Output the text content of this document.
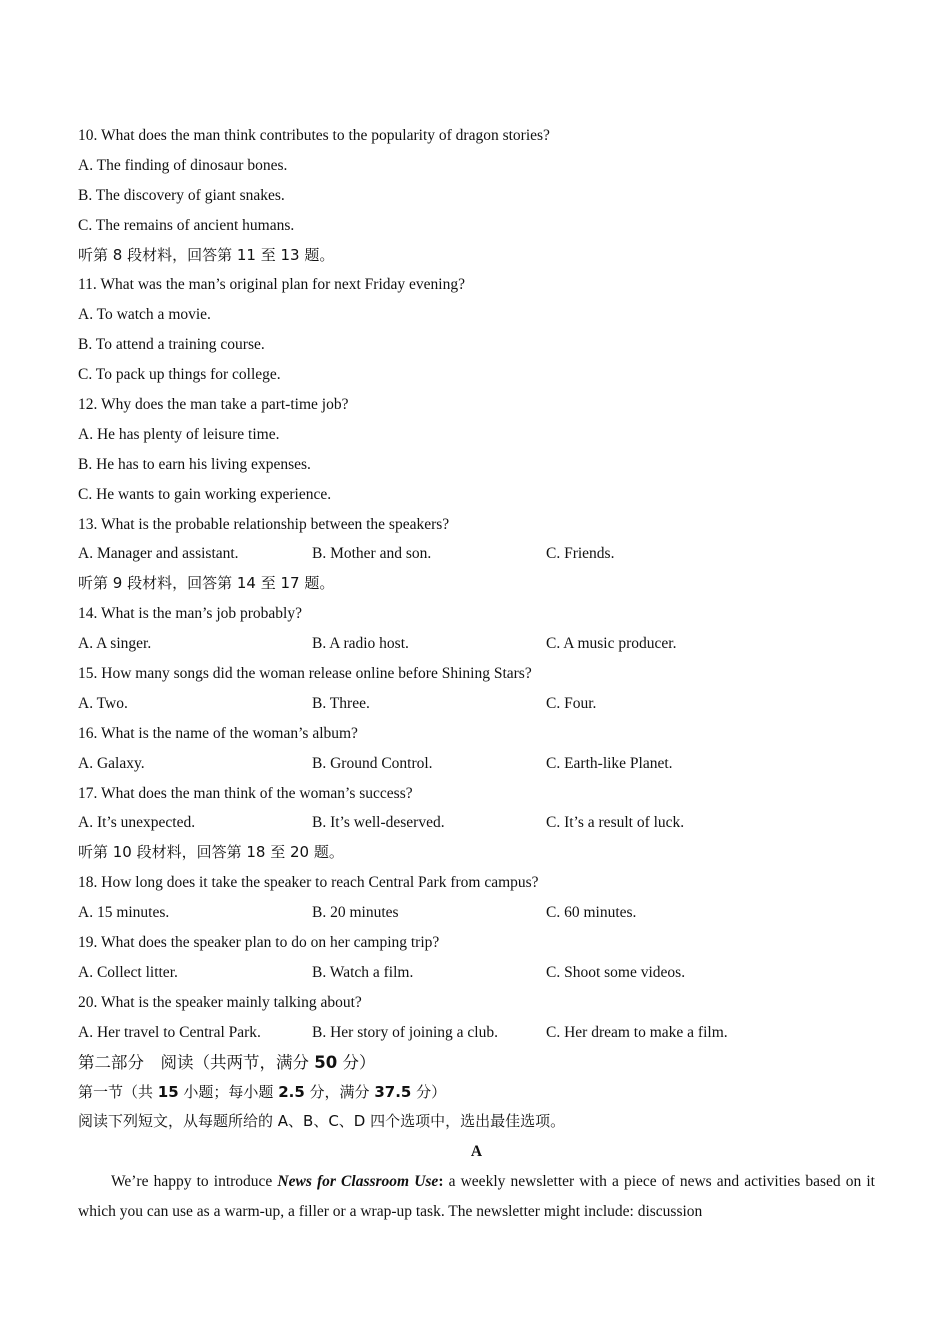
10. What does the man think contributes to the popularity of dragon stories?
A. The finding of dinosaur bones.
B. The discovery of giant snakes.
C. The remains of ancient humans.
听第 8 段材料，回答第 11 至 13 题。
11. What was the man’s original plan for next Friday evening?
A. To watch a movie.
B. To attend a training course.
C. To pack up things for college.
12. Why does the man take a part-time job?
A. He has plenty of leisure time.
B. He has to earn his living expenses.
C. He wants to gain working experience.
13. What is the probable relationship between the speakers?
A. Manager and assistant.	B. Mother and son.	C. Friends.
听第 9 段材料，回答第 14 至 17 题。
14. What is the man’s job probably?
A. A singer.	B. A radio host.	C. A music producer.
15. How many songs did the woman release online before Shining Stars?
A. Two.	B. Three.	C. Four.
16. What is the name of the woman’s album?
A. Galaxy.	B. Ground Control.	C. Earth-like Planet.
17. What does the man think of the woman’s success?
A. It’s unexpected.	B. It’s well-deserved.	C. It’s a result of luck.
听第 10 段材料，回答第 18 至 20 题。
18. How long does it take the speaker to reach Central Park from campus?
A. 15 minutes.	B. 20 minutes	C. 60 minutes.
19. What does the speaker plan to do on her camping trip?
A. Collect litter.	B. Watch a film.	C. Shoot some videos.
20. What is the speaker mainly talking about?
A. Her travel to Central Park.	B. Her story of joining a club.	C. Her dream to make a film.
第二部分　阅读（共两节，满分 50 分）
第一节（共 15 小题；每小题 2.5 分，满分 37.5 分）
阅读下列短文，从每题所给的 A、B、C、D 四个选项中，选出最佳选项。
A
We’re happy to introduce News for Classroom Use: a weekly newsletter with a piece of news and activities based on it which you can use as a warm-up, a filler or a wrap-up task. The newsletter might include: discussion
